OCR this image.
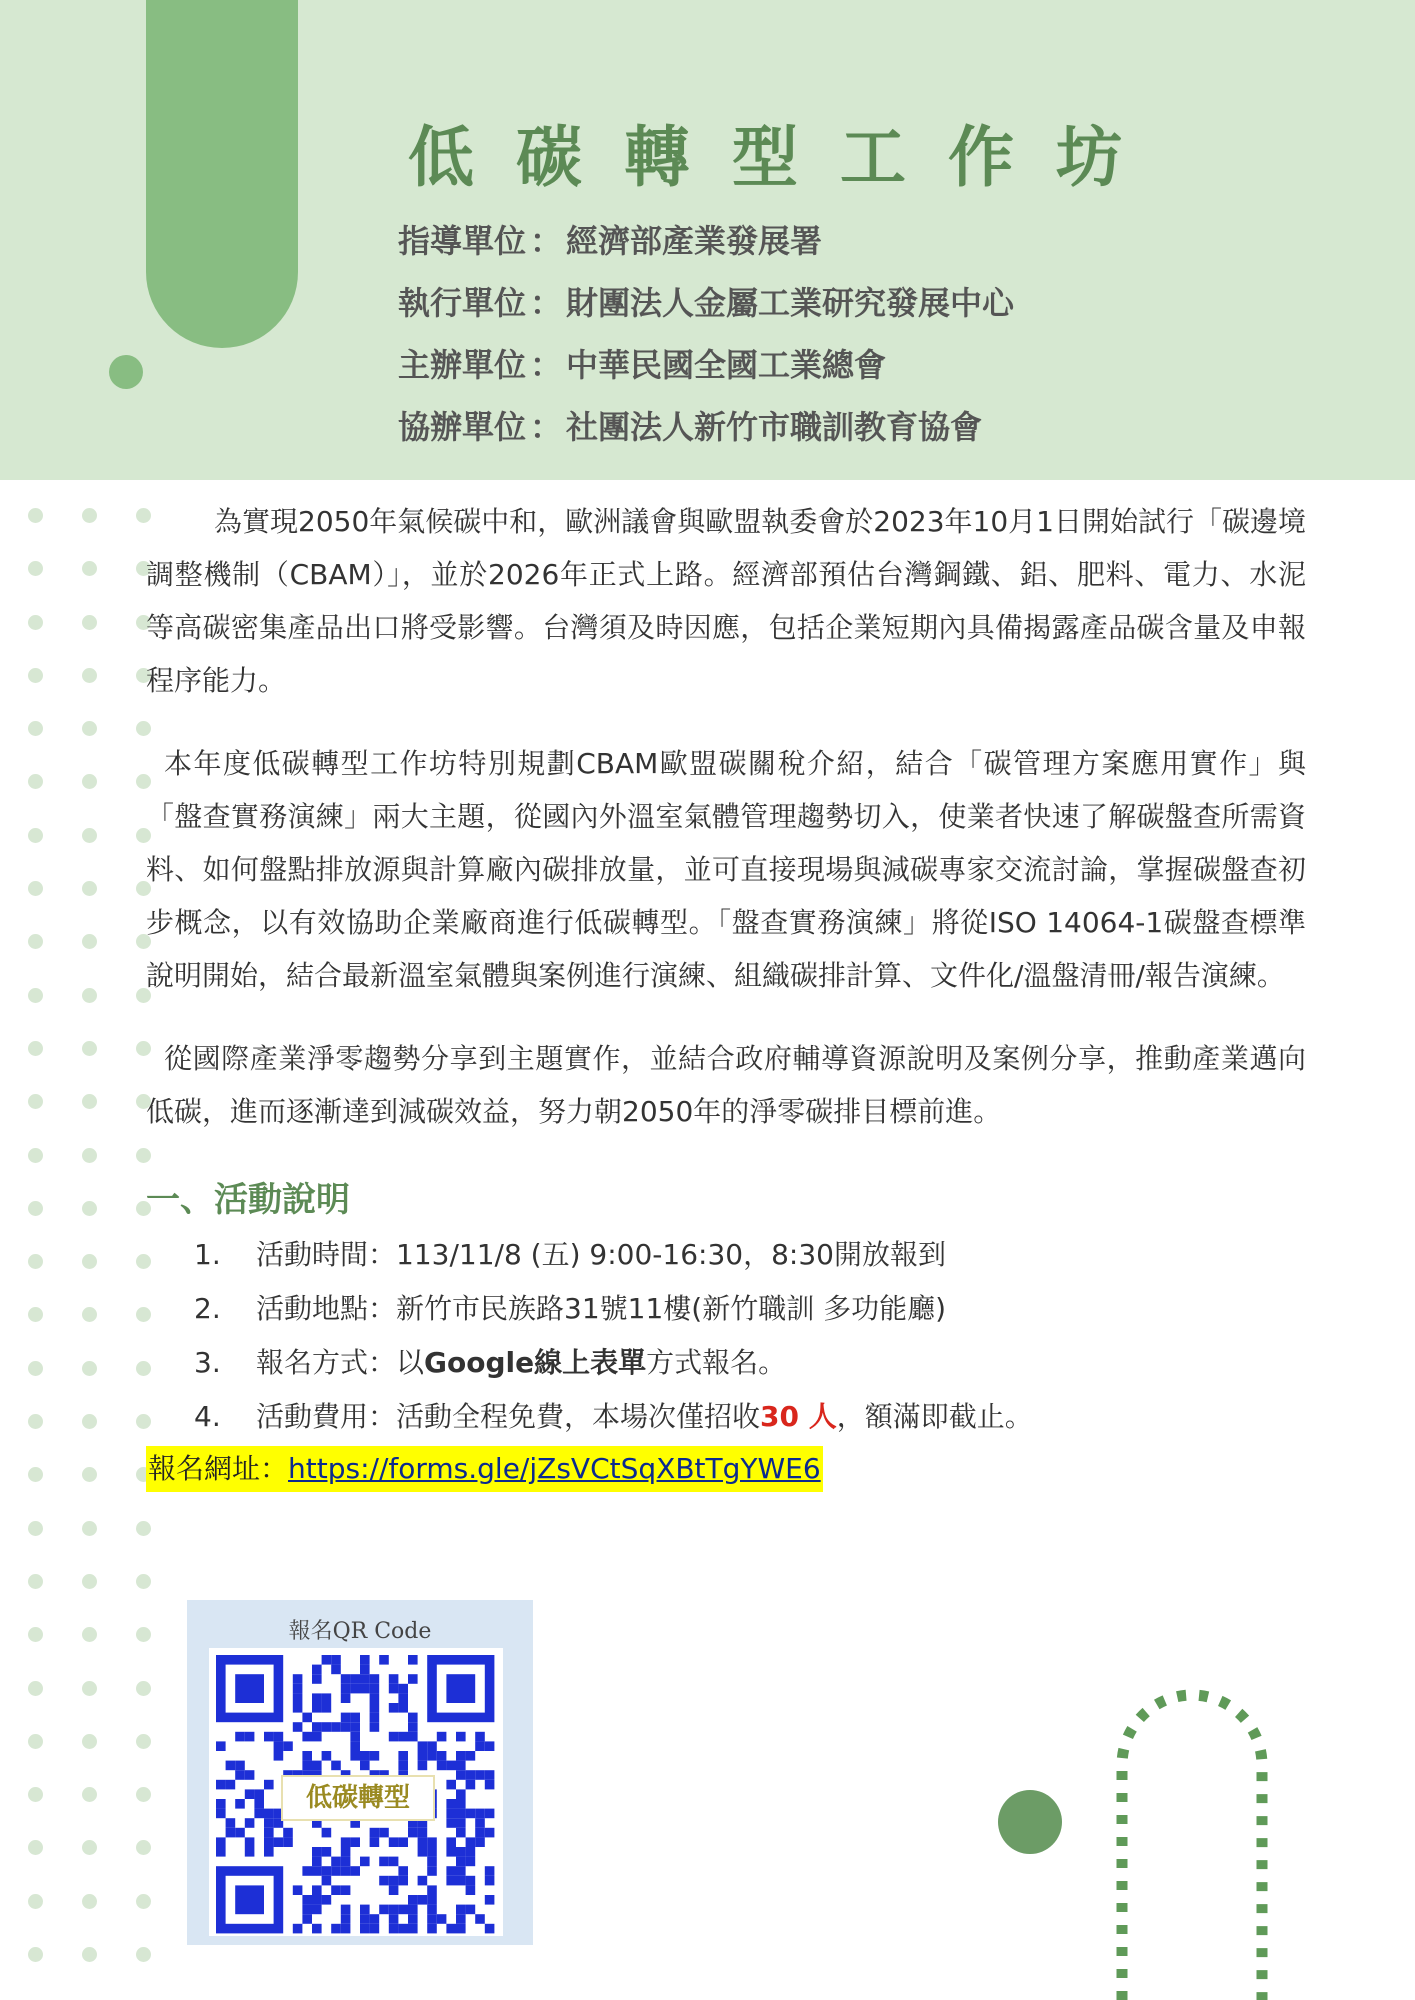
低碳轉型工作坊
指導單位 ： 經濟部產業發展署
執行單位 ： 財團法人金屬工業研究發展中心
主辦單位 ： 中華民國全國工業總會
協辦單位 ： 社團法人新竹市職訓教育協會

為實現2050年氣候碳中和，歐洲議會與歐盟執委會於2023年10月1日開始試行「碳邊境調整機制（CBAM）」，並於2026年正式上路。經濟部預估台灣鋼鐵、鋁、肥料、電力、水泥等高碳密集產品出口將受影響。台灣須及時因應，包括企業短期內具備揭露產品碳含量及申報程序能力。

本年度低碳轉型工作坊特別規劃CBAM歐盟碳關稅介紹，結合「碳管理方案應用實作」與「盤查實務演練」兩大主題，從國內外溫室氣體管理趨勢切入，使業者快速了解碳盤查所需資料、如何盤點排放源與計算廠內碳排放量，並可直接現場與減碳專家交流討論，掌握碳盤查初步概念，以有效協助企業廠商進行低碳轉型。「盤查實務演練」將從ISO 14064-1碳盤查標準說明開始，結合最新溫室氣體與案例進行演練、組織碳排計算、文件化/溫盤清冊/報告演練。

從國際產業淨零趨勢分享到主題實作，並結合政府輔導資源說明及案例分享，推動產業邁向低碳，進而逐漸達到減碳效益，努力朝2050年的淨零碳排目標前進。

一、活動說明
1. 活動時間：113/11/8 (五) 9:00-16:30，8:30開放報到
2. 活動地點：新竹市民族路31號11樓(新竹職訓 多功能廳)
3. 報名方式：以Google線上表單方式報名。
4. 活動費用：活動全程免費，本場次僅招收30 人，額滿即截止。
報名網址：https://forms.gle/jZsVCtSqXBtTgYWE6
報名QR Code
低碳轉型
